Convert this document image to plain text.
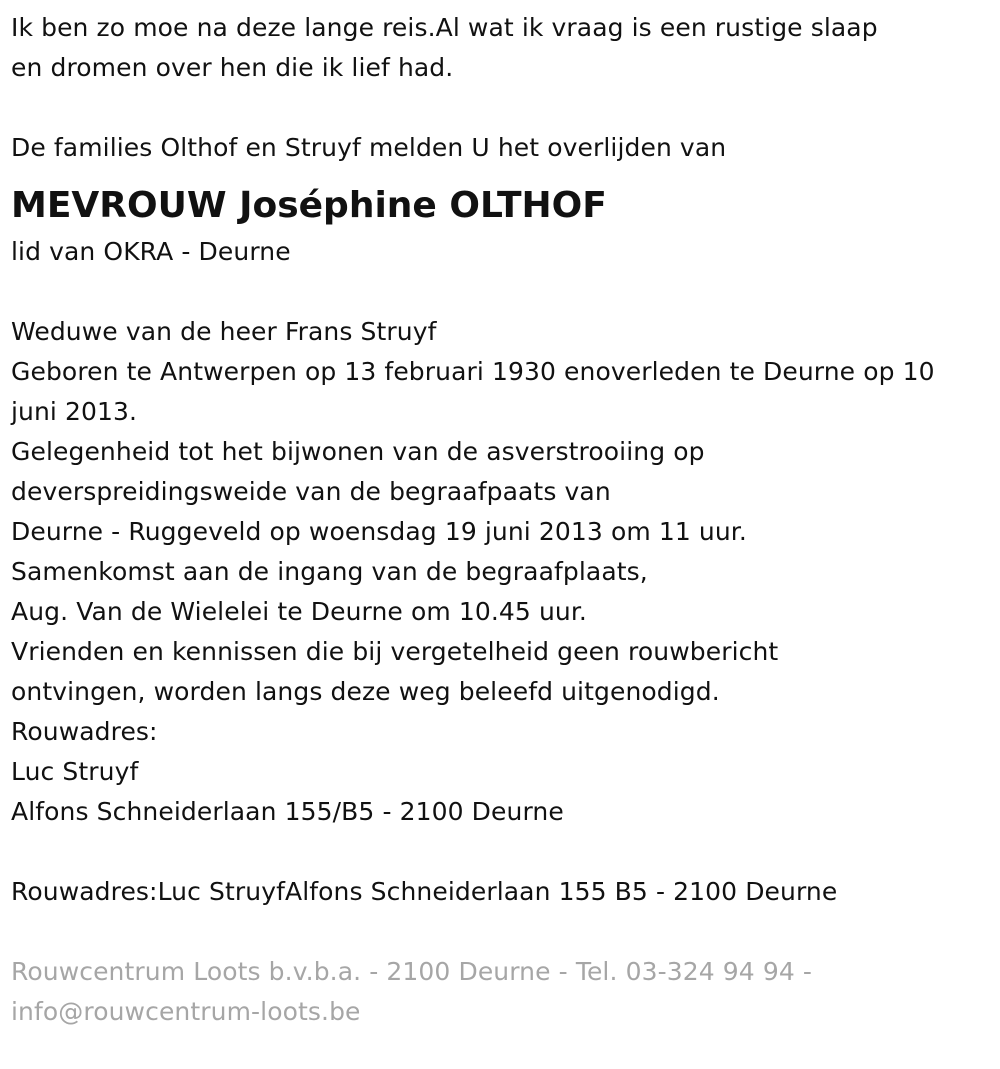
Ik ben zo moe na deze lange reis.Al wat ik vraag is een rustige slaap
en dromen over hen die ik lief had.
De families Olthof en Struyf melden U het overlijden van
MEVROUW Joséphine OLTHOF
lid van OKRA - Deurne
Weduwe van de heer Frans Struyf
Geboren te Antwerpen op 13 februari 1930 enoverleden te Deurne op 10 juni 2013.
Gelegenheid tot het bijwonen van de asverstrooiing op
deverspreidingsweide van de begraafpaats van
Deurne - Ruggeveld op woensdag 19 juni 2013 om 11 uur.
Samenkomst aan de ingang van de begraafplaats,
Aug. Van de Wielelei te Deurne om 10.45 uur.
Vrienden en kennissen die bij vergetelheid geen rouwbericht
ontvingen, worden langs deze weg beleefd uitgenodigd.
Rouwadres:
Luc Struyf
Alfons Schneiderlaan 155/B5 - 2100 Deurne
Rouwadres:Luc StruyfAlfons Schneiderlaan 155 B5 - 2100 Deurne
Rouwcentrum Loots b.v.b.a. - 2100 Deurne - Tel. 03-324 94 94 -
info@rouwcentrum-loots.be
